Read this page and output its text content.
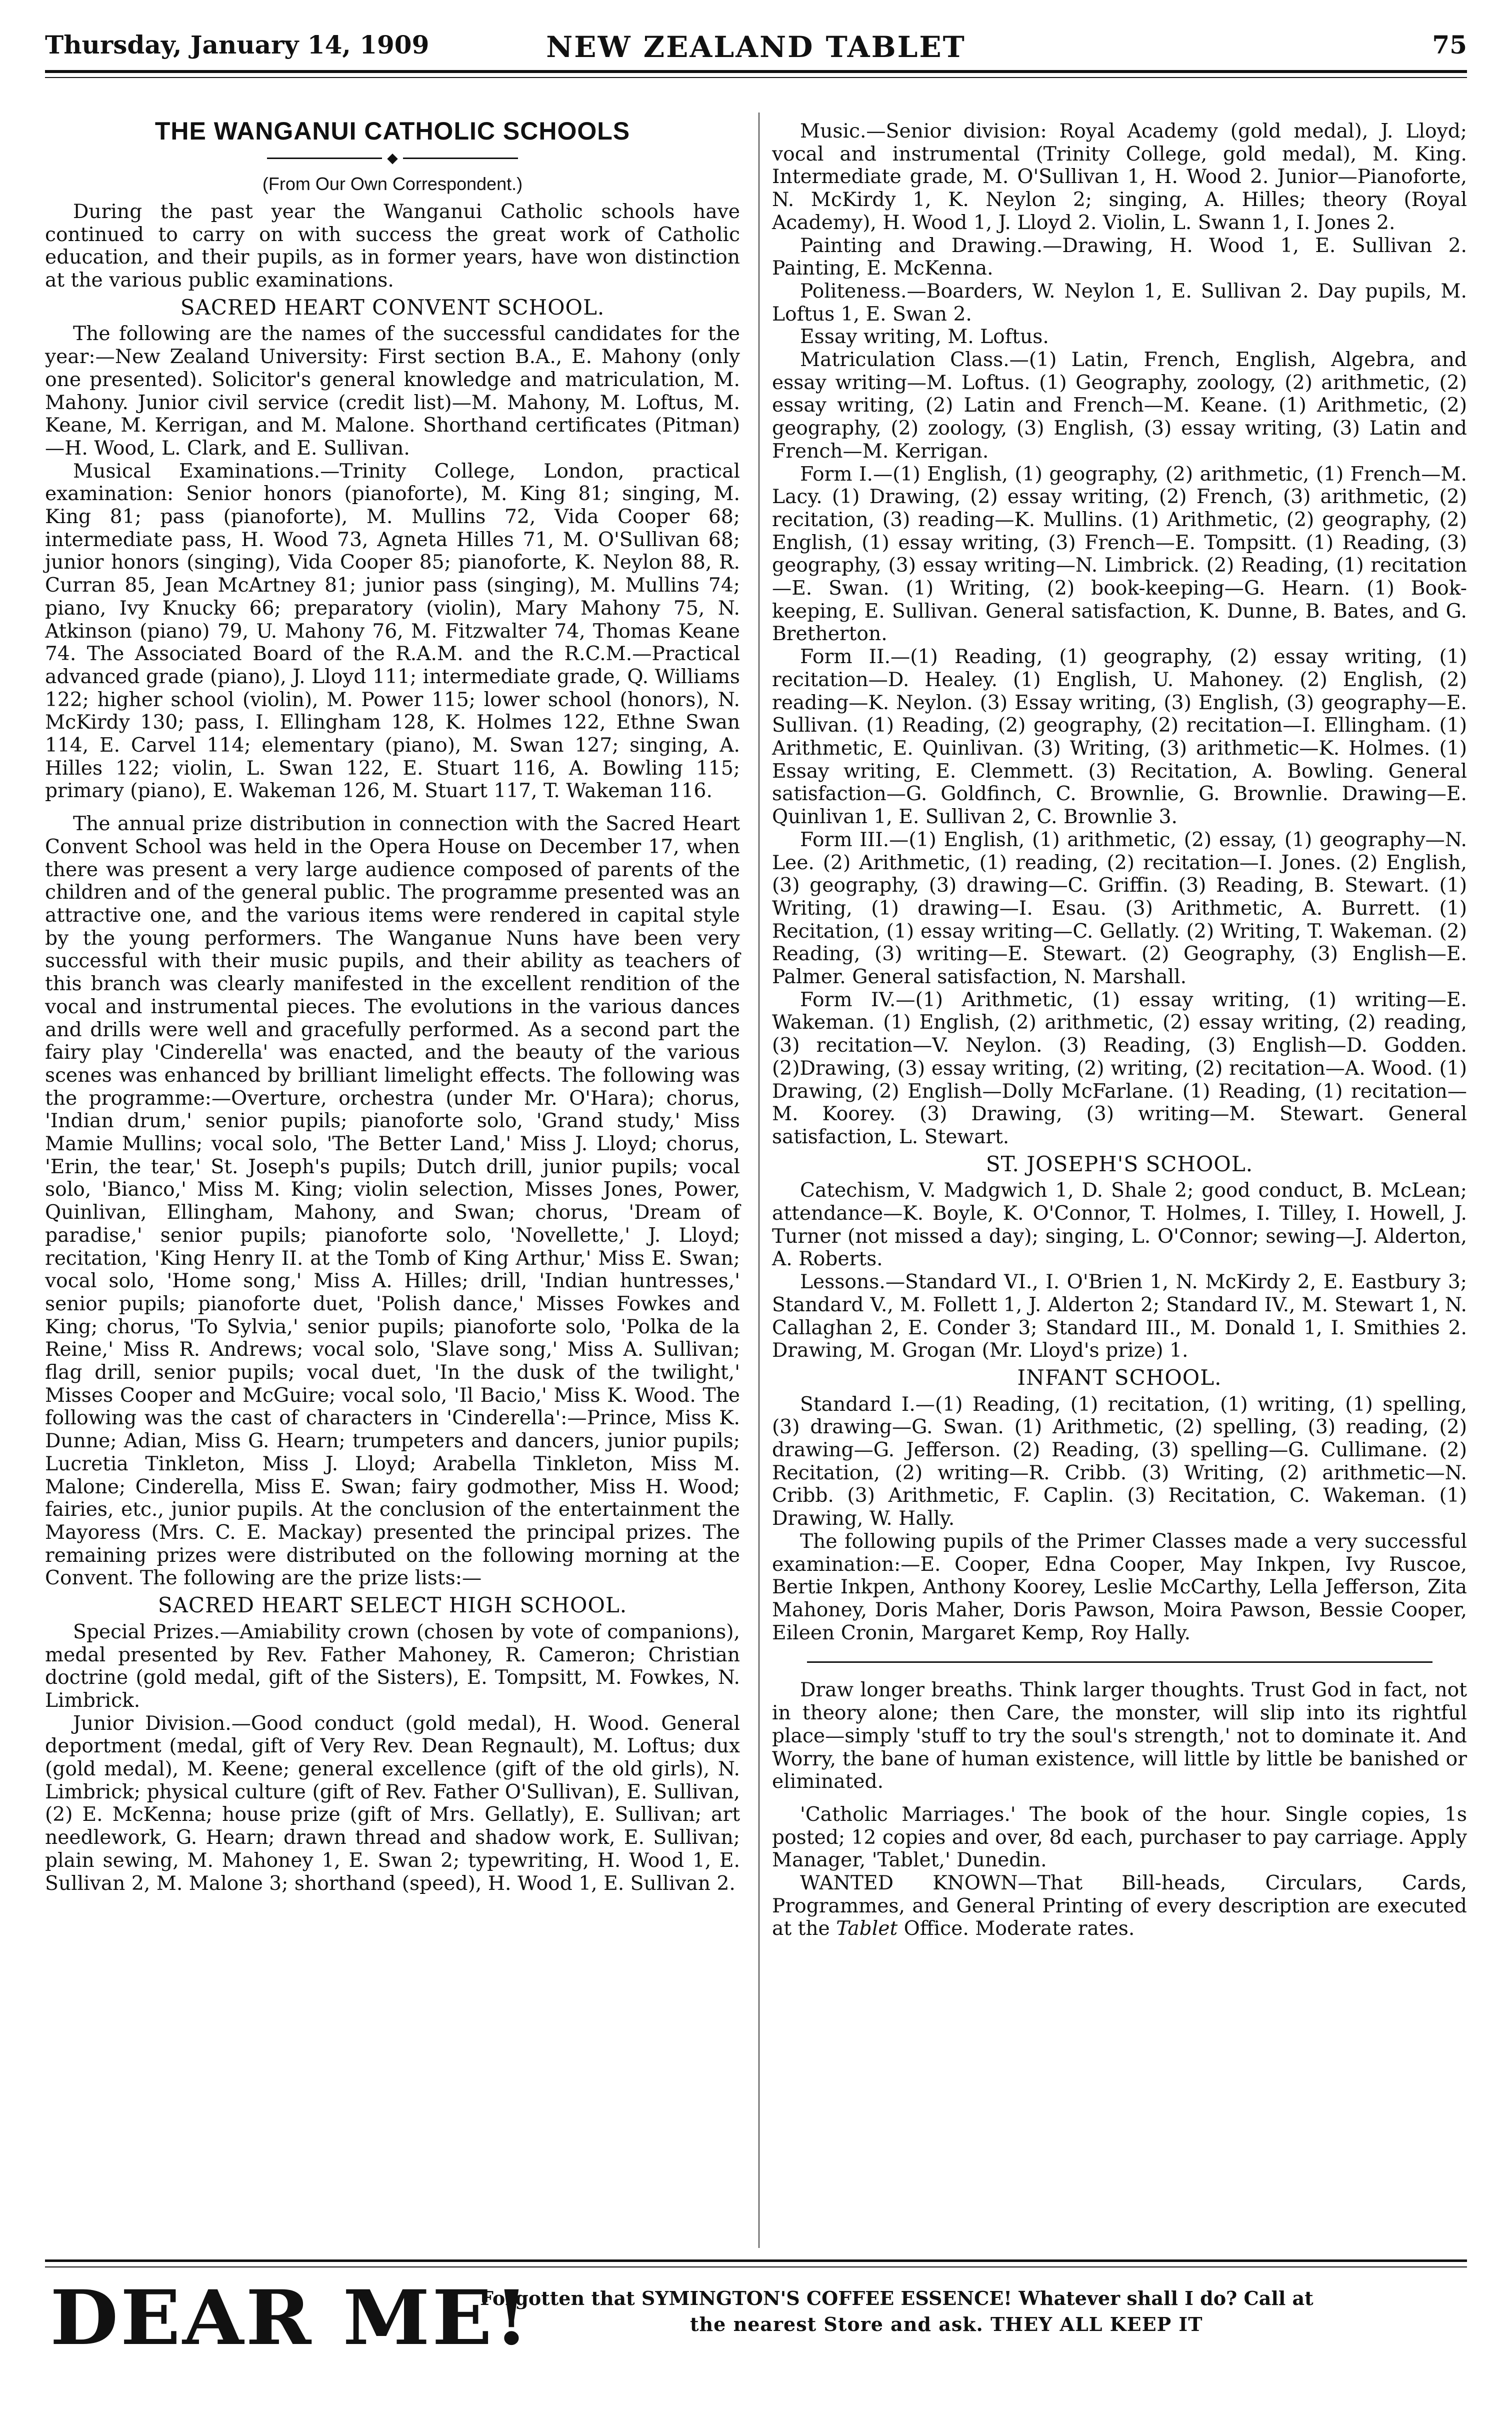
Thursday, January 14, 1909	NEW ZEALAND TABLET	75
THE WANGANUI CATHOLIC SCHOOLS
◆
(From Our Own Correspondent.)

During the past year the Wanganui Catholic schools have continued to carry on with success the great work of Catholic education, and their pupils, as in former years, have won distinction at the various public examinations.

SACRED HEART CONVENT SCHOOL.

The following are the names of the successful candidates for the year:—New Zealand University: First section B.A., E. Mahony (only one presented). Solicitor's general knowledge and matriculation, M. Mahony. Junior civil service (credit list)—M. Mahony, M. Loftus, M. Keane, M. Kerrigan, and M. Malone. Shorthand certificates (Pitman)—H. Wood, L. Clark, and E. Sullivan.

Musical Examinations.—Trinity College, London, practical examination: Senior honors (pianoforte), M. King 81; singing, M. King 81; pass (pianoforte), M. Mullins 72, Vida Cooper 68; intermediate pass, H. Wood 73, Agneta Hilles 71, M. O'Sullivan 68; junior honors (singing), Vida Cooper 85; pianoforte, K. Neylon 88, R. Curran 85, Jean McArtney 81; junior pass (singing), M. Mullins 74; piano, Ivy Knucky 66; preparatory (violin), Mary Mahony 75, N. Atkinson (piano) 79, U. Mahony 76, M. Fitzwalter 74, Thomas Keane 74. The Associated Board of the R.A.M. and the R.C.M.—Practical advanced grade (piano), J. Lloyd 111; intermediate grade, Q. Williams 122; higher school (violin), M. Power 115; lower school (honors), N. McKirdy 130; pass, I. Ellingham 128, K. Holmes 122, Ethne Swan 114, E. Carvel 114; elementary (piano), M. Swan 127; singing, A. Hilles 122; violin, L. Swan 122, E. Stuart 116, A. Bowling 115; primary (piano), E. Wakeman 126, M. Stuart 117, T. Wakeman 116.

The annual prize distribution in connection with the Sacred Heart Convent School was held in the Opera House on December 17, when there was present a very large audience composed of parents of the children and of the general public. The programme presented was an attractive one, and the various items were rendered in capital style by the young performers. The Wanganue Nuns have been very successful with their music pupils, and their ability as teachers of this branch was clearly manifested in the excellent rendition of the vocal and instrumental pieces. The evolutions in the various dances and drills were well and gracefully performed. As a second part the fairy play 'Cinderella' was enacted, and the beauty of the various scenes was enhanced by brilliant limelight effects. The following was the programme:—Overture, orchestra (under Mr. O'Hara); chorus, 'Indian drum,' senior pupils; pianoforte solo, 'Grand study,' Miss Mamie Mullins; vocal solo, 'The Better Land,' Miss J. Lloyd; chorus, 'Erin, the tear,' St. Joseph's pupils; Dutch drill, junior pupils; vocal solo, 'Bianco,' Miss M. King; violin selection, Misses Jones, Power, Quinlivan, Ellingham, Mahony, and Swan; chorus, 'Dream of paradise,' senior pupils; pianoforte solo, 'Novellette,' J. Lloyd; recitation, 'King Henry II. at the Tomb of King Arthur,' Miss E. Swan; vocal solo, 'Home song,' Miss A. Hilles; drill, 'Indian huntresses,' senior pupils; pianoforte duet, 'Polish dance,' Misses Fowkes and King; chorus, 'To Sylvia,' senior pupils; pianoforte solo, 'Polka de la Reine,' Miss R. Andrews; vocal solo, 'Slave song,' Miss A. Sullivan; flag drill, senior pupils; vocal duet, 'In the dusk of the twilight,' Misses Cooper and McGuire; vocal solo, 'Il Bacio,' Miss K. Wood. The following was the cast of characters in 'Cinderella':—Prince, Miss K. Dunne; Adian, Miss G. Hearn; trumpeters and dancers, junior pupils; Lucretia Tinkleton, Miss J. Lloyd; Arabella Tinkleton, Miss M. Malone; Cinderella, Miss E. Swan; fairy godmother, Miss H. Wood; fairies, etc., junior pupils. At the conclusion of the entertainment the Mayoress (Mrs. C. E. Mackay) presented the principal prizes. The remaining prizes were distributed on the following morning at the Convent. The following are the prize lists:—

SACRED HEART SELECT HIGH SCHOOL.

Special Prizes.—Amiability crown (chosen by vote of companions), medal presented by Rev. Father Mahoney, R. Cameron; Christian doctrine (gold medal, gift of the Sisters), E. Tompsitt, M. Fowkes, N. Limbrick.

Junior Division.—Good conduct (gold medal), H. Wood. General deportment (medal, gift of Very Rev. Dean Regnault), M. Loftus; dux (gold medal), M. Keene; general excellence (gift of the old girls), N. Limbrick; physical culture (gift of Rev. Father O'Sullivan), E. Sullivan, (2) E. McKenna; house prize (gift of Mrs. Gellatly), E. Sullivan; art needlework, G. Hearn; drawn thread and shadow work, E. Sullivan; plain sewing, M. Mahoney 1, E. Swan 2; typewriting, H. Wood 1, E. Sullivan 2, M. Malone 3; shorthand (speed), H. Wood 1, E. Sullivan 2.

Music.—Senior division: Royal Academy (gold medal), J. Lloyd; vocal and instrumental (Trinity College, gold medal), M. King. Intermediate grade, M. O'Sullivan 1, H. Wood 2. Junior—Pianoforte, N. McKirdy 1, K. Neylon 2; singing, A. Hilles; theory (Royal Academy), H. Wood 1, J. Lloyd 2. Violin, L. Swann 1, I. Jones 2.

Painting and Drawing.—Drawing, H. Wood 1, E. Sullivan 2. Painting, E. McKenna.

Politeness.—Boarders, W. Neylon 1, E. Sullivan 2. Day pupils, M. Loftus 1, E. Swan 2.

Essay writing, M. Loftus.

Matriculation Class.—(1) Latin, French, English, Algebra, and essay writing—M. Loftus. (1) Geography, zoology, (2) arithmetic, (2) essay writing, (2) Latin and French—M. Keane. (1) Arithmetic, (2) geography, (2) zoology, (3) English, (3) essay writing, (3) Latin and French—M. Kerrigan.

Form I.—(1) English, (1) geography, (2) arithmetic, (1) French—M. Lacy. (1) Drawing, (2) essay writing, (2) French, (3) arithmetic, (2) recitation, (3) reading—K. Mullins. (1) Arithmetic, (2) geography, (2) English, (1) essay writing, (3) French—E. Tompsitt. (1) Reading, (3) geography, (3) essay writing—N. Limbrick. (2) Reading, (1) recitation—E. Swan. (1) Writing, (2) book-keeping—G. Hearn. (1) Book-keeping, E. Sullivan. General satisfaction, K. Dunne, B. Bates, and G. Bretherton.

Form II.—(1) Reading, (1) geography, (2) essay writing, (1) recitation—D. Healey. (1) English, U. Mahoney. (2) English, (2) reading—K. Neylon. (3) Essay writing, (3) English, (3) geography—E. Sullivan. (1) Reading, (2) geography, (2) recitation—I. Ellingham. (1) Arithmetic, E. Quinlivan. (3) Writing, (3) arithmetic—K. Holmes. (1) Essay writing, E. Clemmett. (3) Recitation, A. Bowling. General satisfaction—G. Goldfinch, C. Brownlie, G. Brownlie. Drawing—E. Quinlivan 1, E. Sullivan 2, C. Brownlie 3.

Form III.—(1) English, (1) arithmetic, (2) essay, (1) geography—N. Lee. (2) Arithmetic, (1) reading, (2) recitation—I. Jones. (2) English, (3) geography, (3) drawing—C. Griffin. (3) Reading, B. Stewart. (1) Writing, (1) drawing—I. Esau. (3) Arithmetic, A. Burrett. (1) Recitation, (1) essay writing—C. Gellatly. (2) Writing, T. Wakeman. (2) Reading, (3) writing—E. Stewart. (2) Geography, (3) English—E. Palmer. General satisfaction, N. Marshall.

Form IV.—(1) Arithmetic, (1) essay writing, (1) writing—E. Wakeman. (1) English, (2) arithmetic, (2) essay writing, (2) reading, (3) recitation—V. Neylon. (3) Reading, (3) English—D. Godden. (2)Drawing, (3) essay writing, (2) writing, (2) recitation—A. Wood. (1) Drawing, (2) English—Dolly McFarlane. (1) Reading, (1) recitation—M. Koorey. (3) Drawing, (3) writing—M. Stewart. General satisfaction, L. Stewart.

ST. JOSEPH'S SCHOOL.

Catechism, V. Madgwich 1, D. Shale 2; good conduct, B. McLean; attendance—K. Boyle, K. O'Connor, T. Holmes, I. Tilley, I. Howell, J. Turner (not missed a day); singing, L. O'Connor; sewing—J. Alderton, A. Roberts.

Lessons.—Standard VI., I. O'Brien 1, N. McKirdy 2, E. Eastbury 3; Standard V., M. Follett 1, J. Alderton 2; Standard IV., M. Stewart 1, N. Callaghan 2, E. Conder 3; Standard III., M. Donald 1, I. Smithies 2. Drawing, M. Grogan (Mr. Lloyd's prize) 1.

INFANT SCHOOL.

Standard I.—(1) Reading, (1) recitation, (1) writing, (1) spelling, (3) drawing—G. Swan. (1) Arithmetic, (2) spelling, (3) reading, (2) drawing—G. Jefferson. (2) Reading, (3) spelling—G. Cullimane. (2) Recitation, (2) writing—R. Cribb. (3) Writing, (2) arithmetic—N. Cribb. (3) Arithmetic, F. Caplin. (3) Recitation, C. Wakeman. (1) Drawing, W. Hally.

The following pupils of the Primer Classes made a very successful examination:—E. Cooper, Edna Cooper, May Inkpen, Ivy Ruscoe, Bertie Inkpen, Anthony Koorey, Leslie McCarthy, Lella Jefferson, Zita Mahoney, Doris Maher, Doris Pawson, Moira Pawson, Bessie Cooper, Eileen Cronin, Margaret Kemp, Roy Hally.

Draw longer breaths. Think larger thoughts. Trust God in fact, not in theory alone; then Care, the monster, will slip into its rightful place—simply 'stuff to try the soul's strength,' not to dominate it. And Worry, the bane of human existence, will little by little be banished or eliminated.

'Catholic Marriages.' The book of the hour. Single copies, 1s posted; 12 copies and over, 8d each, purchaser to pay carriage. Apply Manager, 'Tablet,' Dunedin.

WANTED KNOWN—That Bill-heads, Circulars, Cards, Programmes, and General Printing of every description are executed at the Tablet Office. Moderate rates.

DEAR ME!
Forgotten that SYMINGTON'S COFFEE ESSENCE! Whatever shall I do? Call at
the nearest Store and ask. THEY ALL KEEP IT
